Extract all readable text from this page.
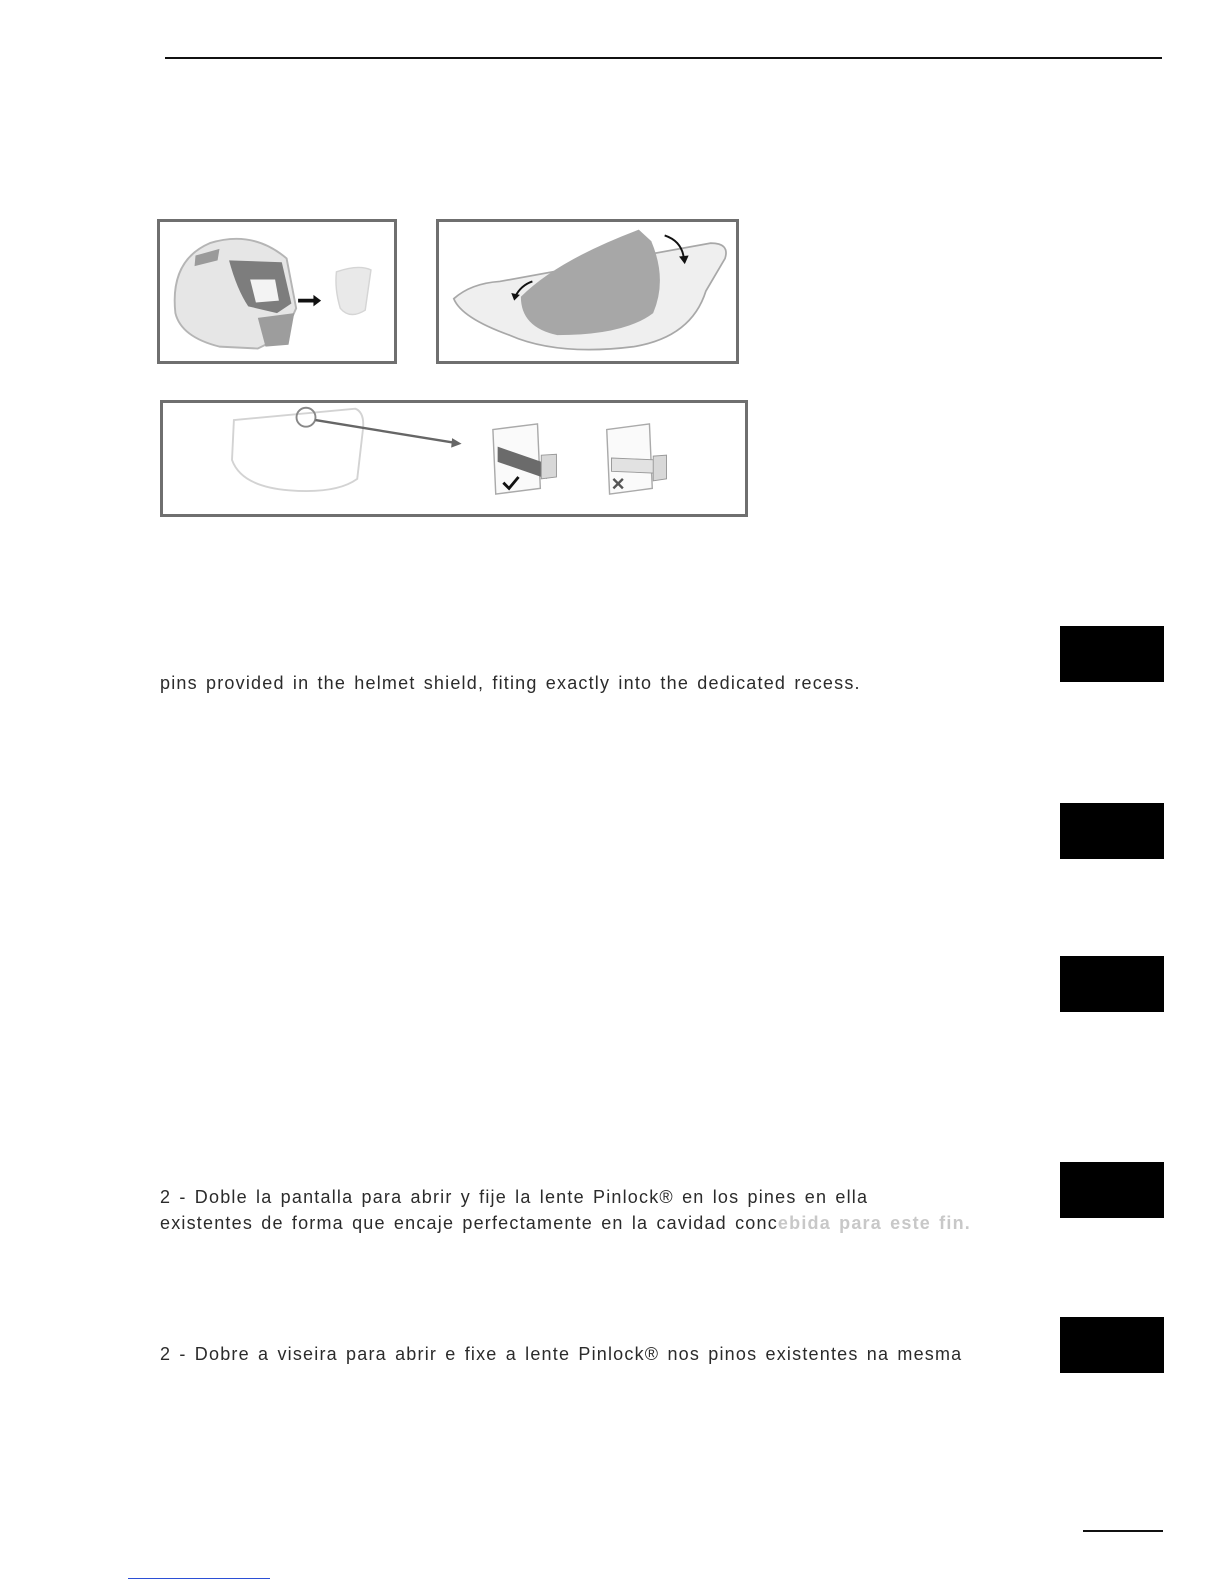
pins provided in the helmet shield, fiting exactly into the dedicated recess.
2 - Doble la pantalla para abrir y fije la lente Pinlock® en los pines en ella
existentes de forma que encaje perfectamente en la cavidad concebida para este fin.
2 - Dobre a viseira para abrir e fixe a lente Pinlock® nos pinos existentes na mesma
